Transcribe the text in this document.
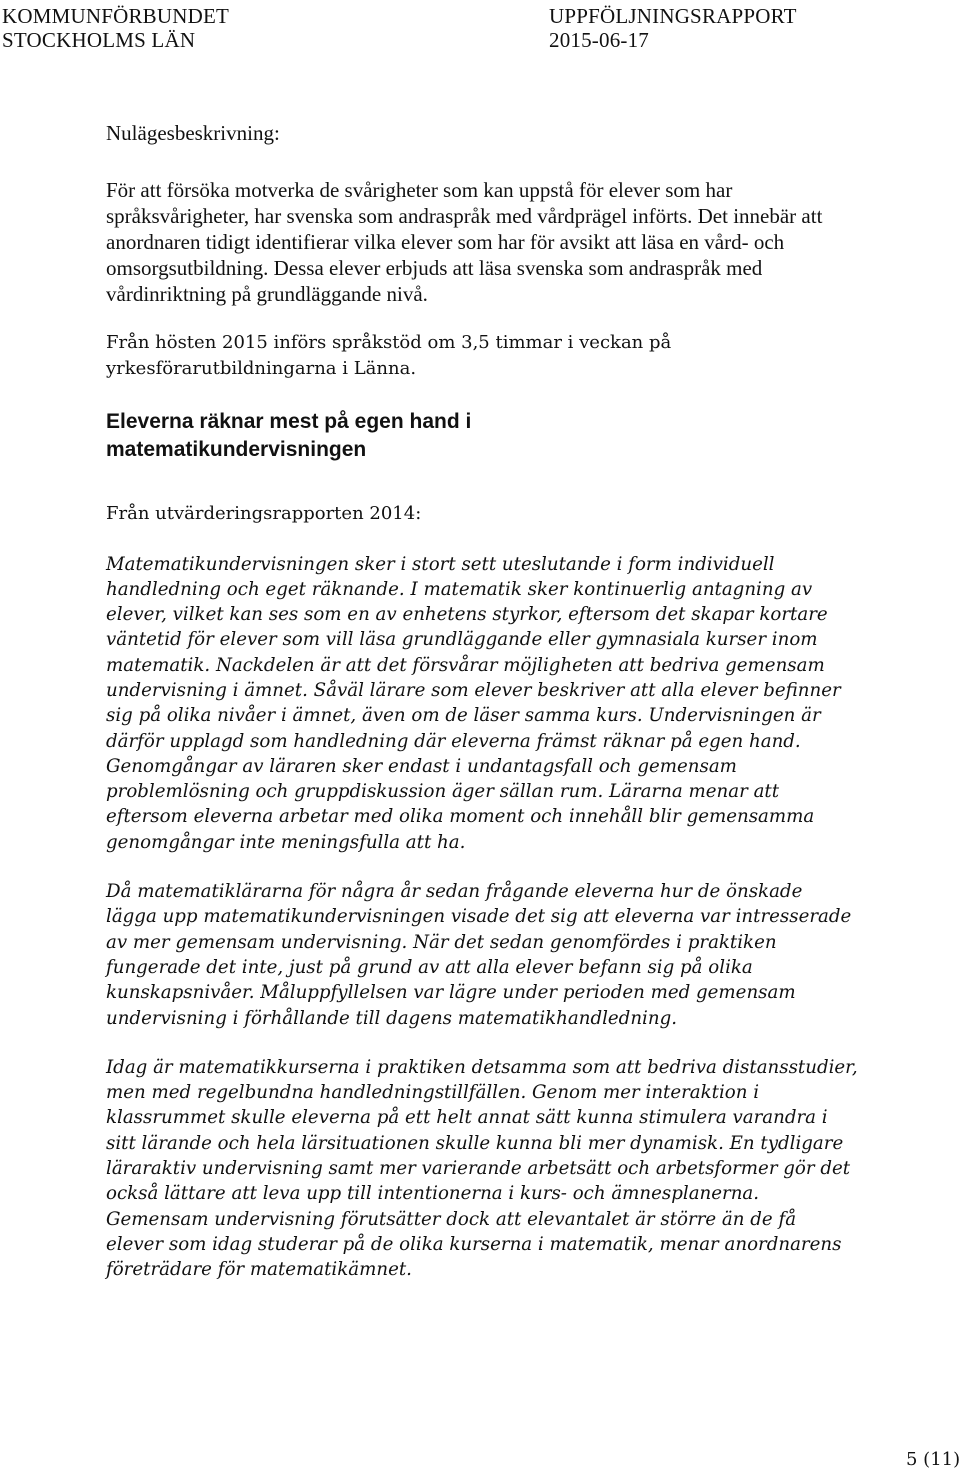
KOMMUNFÖRBUNDET
STOCKHOLMS LÄN
UPPFÖLJNINGSRAPPORT
2015-06-17

Nulägesbeskrivning:

För att försöka motverka de svårigheter som kan uppstå för elever som har språksvårigheter, har svenska som andraspråk med vårdprägel införts. Det innebär att anordnaren tidigt identifierar vilka elever som har för avsikt att läsa en vård- och omsorgsutbildning. Dessa elever erbjuds att läsa svenska som andraspråk med vårdinriktning på grundläggande nivå.

Från hösten 2015 införs språkstöd om 3,5 timmar i veckan på yrkesförarutbildningarna i Länna.

Eleverna räknar mest på egen hand i matematikundervisningen

Från utvärderingsrapporten 2014:

Matematikundervisningen sker i stort sett uteslutande i form individuell handledning och eget räknande. I matematik sker kontinuerlig antagning av elever, vilket kan ses som en av enhetens styrkor, eftersom det skapar kortare väntetid för elever som vill läsa grundläggande eller gymnasiala kurser inom matematik. Nackdelen är att det försvårar möjligheten att bedriva gemensam undervisning i ämnet. Såväl lärare som elever beskriver att alla elever befinner sig på olika nivåer i ämnet, även om de läser samma kurs. Undervisningen är därför upplagd som handledning där eleverna främst räknar på egen hand. Genomgångar av läraren sker endast i undantagsfall och gemensam problemlösning och gruppdiskussion äger sällan rum. Lärarna menar att eftersom eleverna arbetar med olika moment och innehåll blir gemensamma genomgångar inte meningsfulla att ha.

Då matematiklärarna för några år sedan frågande eleverna hur de önskade lägga upp matematikundervisningen visade det sig att eleverna var intresserade av mer gemensam undervisning. När det sedan genomfördes i praktiken fungerade det inte, just på grund av att alla elever befann sig på olika kunskapsnivåer. Måluppfyllelsen var lägre under perioden med gemensam undervisning i förhållande till dagens matematikhandledning.

Idag är matematikkurserna i praktiken detsamma som att bedriva distansstudier, men med regelbundna handledningstillfällen. Genom mer interaktion i klassrummet skulle eleverna på ett helt annat sätt kunna stimulera varandra i sitt lärande och hela lärsituationen skulle kunna bli mer dynamisk. En tydligare läraraktiv undervisning samt mer varierande arbetsätt och arbetsformer gör det också lättare att leva upp till intentionerna i kurs- och ämnesplanerna. Gemensam undervisning förutsätter dock att elevantalet är större än de få elever som idag studerar på de olika kurserna i matematik, menar anordnarens företrädare för matematikämnet.

5 (11)
